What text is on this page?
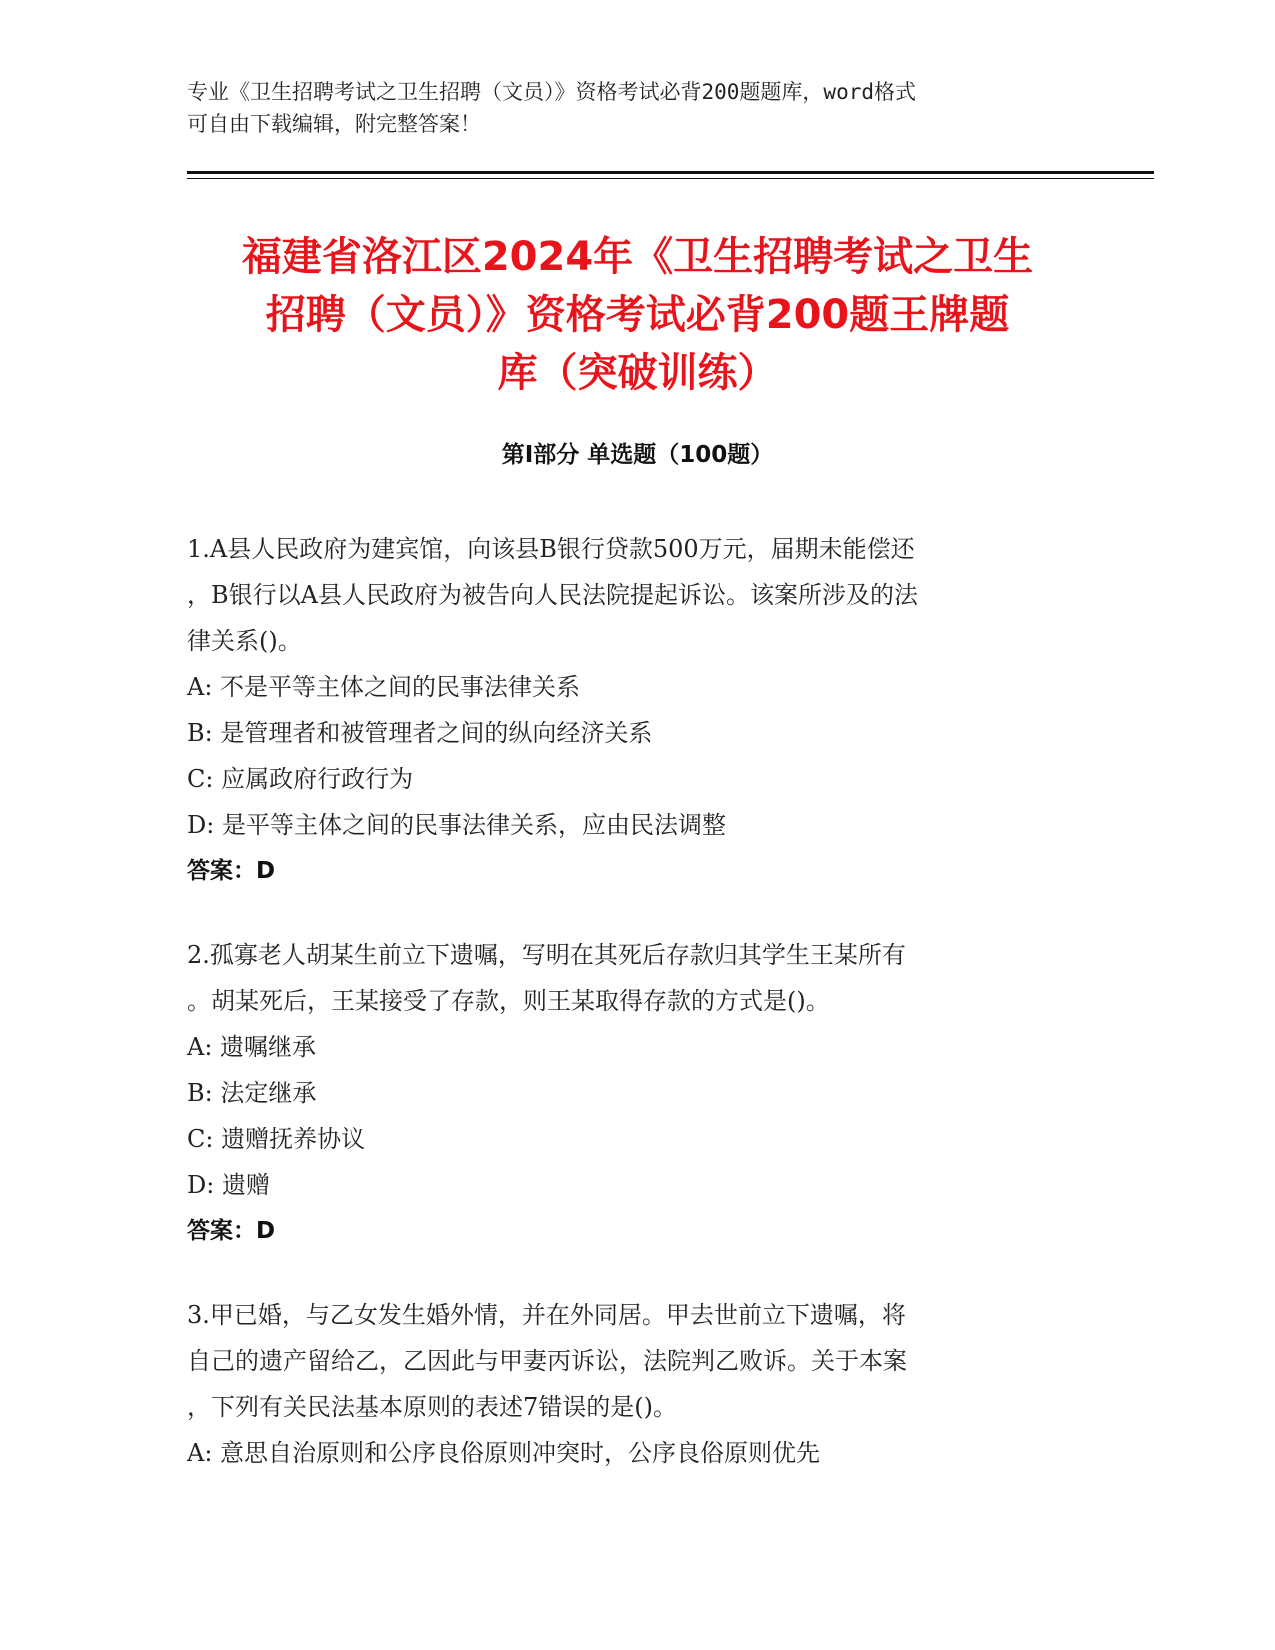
专业《卫生招聘考试之卫生招聘（文员）》资格考试必背200题题库，word格式
可自由下载编辑，附完整答案！
福建省洛江区2024年《卫生招聘考试之卫生
招聘（文员）》资格考试必背200题王牌题
库（突破训练）
第Ⅰ部分 单选题（100题）
1.A县人民政府为建宾馆，向该县B银行贷款500万元，届期未能偿还
，B银行以A县人民政府为被告向人民法院提起诉讼。该案所涉及的法
律关系()。
A: 不是平等主体之间的民事法律关系
B: 是管理者和被管理者之间的纵向经济关系
C: 应属政府行政行为
D: 是平等主体之间的民事法律关系，应由民法调整
答案：D
2.孤寡老人胡某生前立下遗嘱，写明在其死后存款归其学生王某所有
。胡某死后，王某接受了存款，则王某取得存款的方式是()。
A: 遗嘱继承
B: 法定继承
C: 遗赠抚养协议
D: 遗赠
答案：D
3.甲已婚，与乙女发生婚外情，并在外同居。甲去世前立下遗嘱，将
自己的遗产留给乙，乙因此与甲妻丙诉讼，法院判乙败诉。关于本案
，下列有关民法基本原则的表述7错误的是()。
A: 意思自治原则和公序良俗原则冲突时，公序良俗原则优先
